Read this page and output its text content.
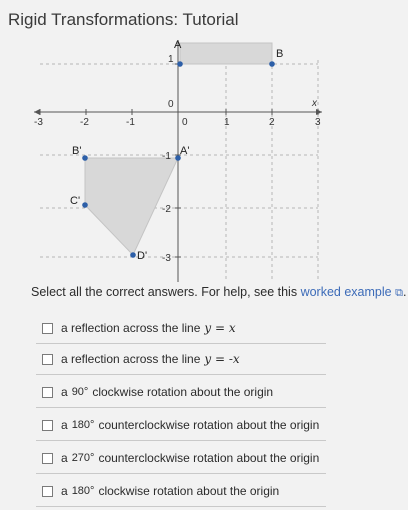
Rigid Transformations: Tutorial
-3	-2	-1	0	1	2	3
1
0
-1
-2
-3
x
A
B
A'
B'
C'
D'
Select all the correct answers. For help, see this worked example ⧉.
a reflection across the line y = x
a reflection across the line y = -x
a 90° clockwise rotation about the origin
a 180° counterclockwise rotation about the origin
a 270° counterclockwise rotation about the origin
a 180° clockwise rotation about the origin
